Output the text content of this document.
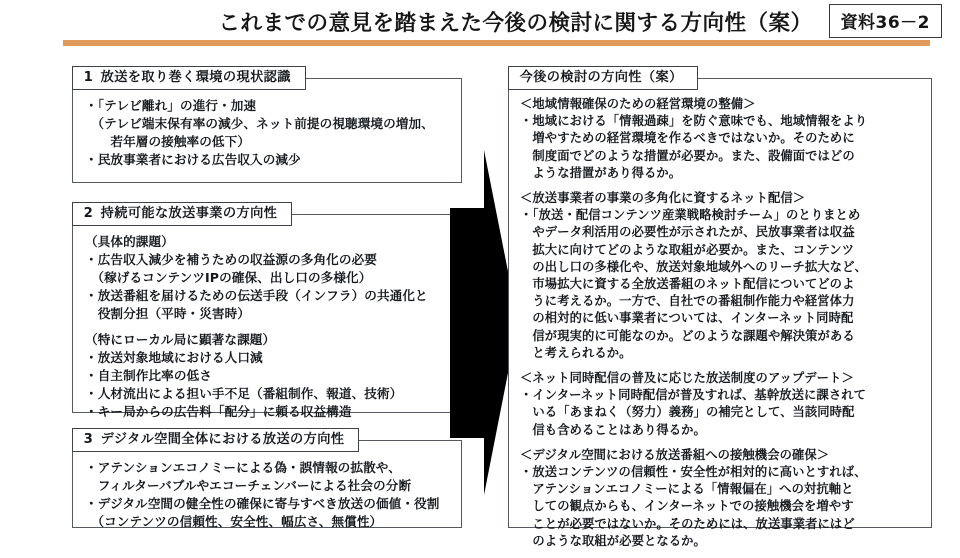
これまでの意見を踏まえた今後の検討に関する方向性（案）	資料36－2
1 放送を取り巻く環境の現状認識
・「テレビ離れ」の進行・加速
　（テレビ端末保有率の減少、ネット前提の視聴環境の増加、
　　若年層の接触率の低下）
・民放事業者における広告収入の減少
2 持続可能な放送事業の方向性
（具体的課題）
・広告収入減少を補うための収益源の多角化の必要
　（稼げるコンテンツIPの確保、出し口の多様化）
・放送番組を届けるための伝送手段（インフラ）の共通化と
　役割分担（平時・災害時）
（特にローカル局に顕著な課題）
・放送対象地域における人口減
・自主制作比率の低さ
・人材流出による担い手不足（番組制作、報道、技術）
・キー局からの広告料「配分」に頼る収益構造
3 デジタル空間全体における放送の方向性
・アテンションエコノミーによる偽・誤情報の拡散や、
　フィルターバブルやエコーチェンバーによる社会の分断
・デジタル空間の健全性の確保に寄与すべき放送の価値・役割
　（コンテンツの信頼性、安全性、幅広さ、無償性）
今後の検討の方向性（案）
＜地域情報確保のための経営環境の整備＞
・地域における「情報過疎」を防ぐ意味でも、地域情報をより
　増やすための経営環境を作るべきではないか。そのために
　制度面でどのような措置が必要か。また、設備面ではどの
　ような措置があり得るか。
＜放送事業者の事業の多角化に資するネット配信＞
・「放送・配信コンテンツ産業戦略検討チーム」のとりまとめ
　やデータ利活用の必要性が示されたが、民放事業者は収益
　拡大に向けてどのような取組が必要か。また、コンテンツ
　の出し口の多様化や、放送対象地域外へのリーチ拡大など、
　市場拡大に資する全放送番組のネット配信についてどのよ
　うに考えるか。一方で、自社での番組制作能力や経営体力
　の相対的に低い事業者については、インターネット同時配
　信が現実的に可能なのか。どのような課題や解決策がある
　と考えられるか。
＜ネット同時配信の普及に応じた放送制度のアップデート＞
・インターネット同時配信が普及すれば、基幹放送に課されて
　いる「あまねく（努力）義務」の補完として、当該同時配
　信も含めることはあり得るか。
＜デジタル空間における放送番組への接触機会の確保＞
・放送コンテンツの信頼性・安全性が相対的に高いとすれば、
　アテンションエコノミーによる「情報偏在」への対抗軸と
　しての観点からも、インターネットでの接触機会を増やす
　ことが必要ではないか。そのためには、放送事業者にはど
　のような取組が必要となるか。
